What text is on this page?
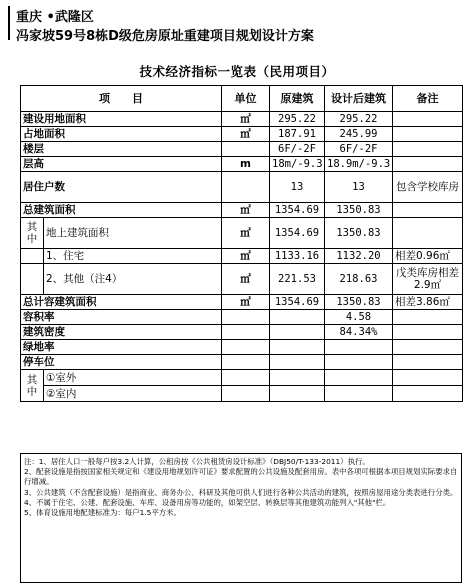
重庆 •武隆区
冯家坡59号8栋D级危房原址重建项目规划设计方案
技术经济指标一览表（民用项目）
项　　目		单位	原建筑	设计后建筑	备注
建设用地面积		㎡	295.22	295.22	
占地面积		㎡	187.91	245.99	
楼层			6F/-2F	6F/-2F	
层高		m	18m/-9.3	18.9m/-9.3	
居住户数			13	13	包含学校库房
总建筑面积		㎡	1354.69	1350.83	
其中	地上建筑面积	㎡	1354.69	1350.83	
	1、住宅	㎡	1133.16	1132.20	相差0.96㎡
	2、其他（注4）	㎡	221.53	218.63	戊类库房相差2.9㎡
总计容建筑面积		㎡	1354.69	1350.83	相差3.86㎡
容积率				4.58	
建筑密度				84.34%	
绿地率					
停车位					
其中	①室外				
	②室内				

注：1、居住人口一般每户按3.2人计算，公租房按《公共租赁房设计标准》（DBJ50/T-133-2011）执行。

2、配套设施是指按国家相关规定和《建设用地规划许可证》要求配置的公共设施及配套用房。表中各项可根据本项目规划实际要求自行增减。

3、公共建筑（不含配套设施）是指商业、商务办公、科研及其他可供人们进行各种公共活动的建筑，按照房屋用途分类表进行分类。

4、不属于住宅、公建、配套设施、车库、设备用房等功能的，如架空层、转换层等其他建筑功能列入"其他"栏。

5、体育设施用地配建标准为：每户1.5平方米。
